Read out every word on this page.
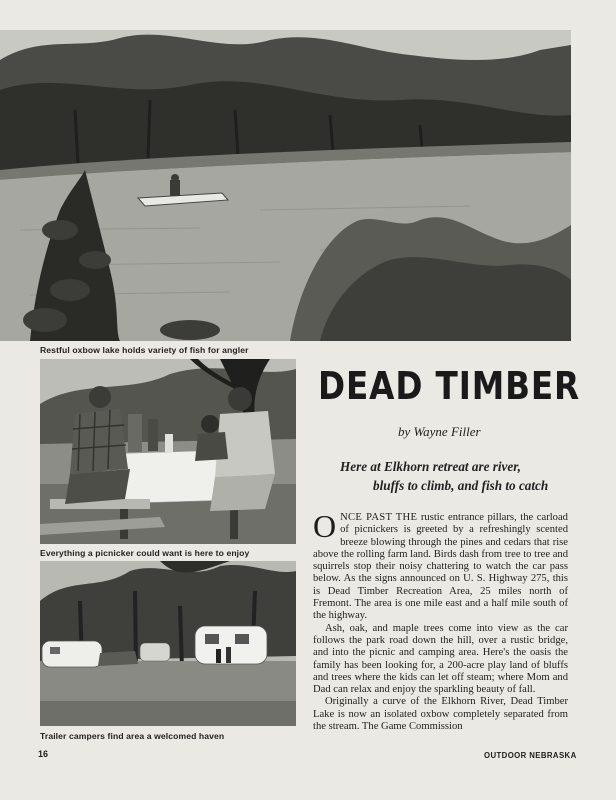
Restful oxbow lake holds variety of fish for angler
Everything a picnicker could want is here to enjoy
Trailer campers find area a welcomed haven
DEAD TIMBER
by Wayne Filler
Here at Elkhorn retreat are river,
bluffs to climb, and fish to catch

ONCE PAST THE rustic entrance pillars, the carload of picnickers is greeted by a refreshingly scented breeze blowing through the pines and cedars that rise above the rolling farm land. Birds dash from tree to tree and squirrels stop their noisy chattering to watch the car pass below. As the signs announced on U. S. Highway 275, this is Dead Timber Recreation Area, 25 miles north of Fremont. The area is one mile east and a half mile south of the highway.

Ash, oak, and maple trees come into view as the car follows the park road down the hill, over a rustic bridge, and into the picnic and camping area. Here's the oasis the family has been looking for, a 200-acre play land of bluffs and trees where the kids can let off steam; where Mom and Dad can relax and enjoy the sparkling beauty of fall.

Originally a curve of the Elkhorn River, Dead Timber Lake is now an isolated oxbow completely separated from the stream. The Game Commission

16	OUTDOOR NEBRASKA
